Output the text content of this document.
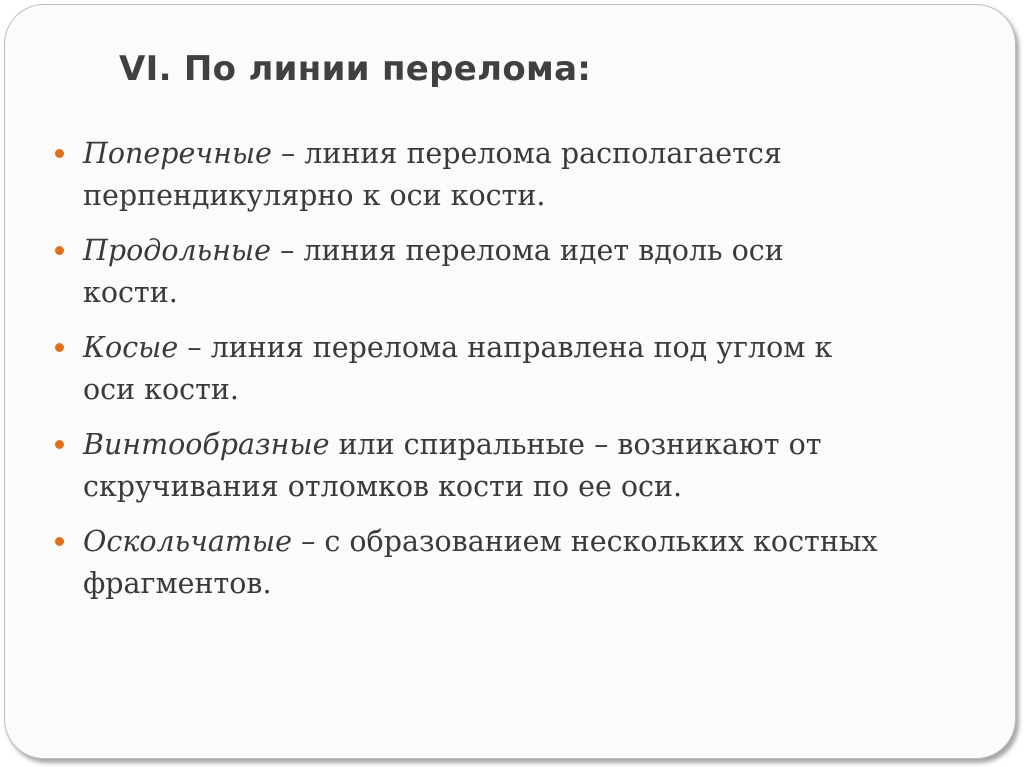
VI. По линии перелома:
Поперечные – линия перелома располагается
перпендикулярно к оси кости.
Продольные – линия перелома идет вдоль оси
кости.
Косые – линия перелома направлена под углом к
оси кости.
Винтообразные или спиральные – возникают от
скручивания отломков кости по ее оси.
Оскольчатые – с образованием нескольких костных
фрагментов.
